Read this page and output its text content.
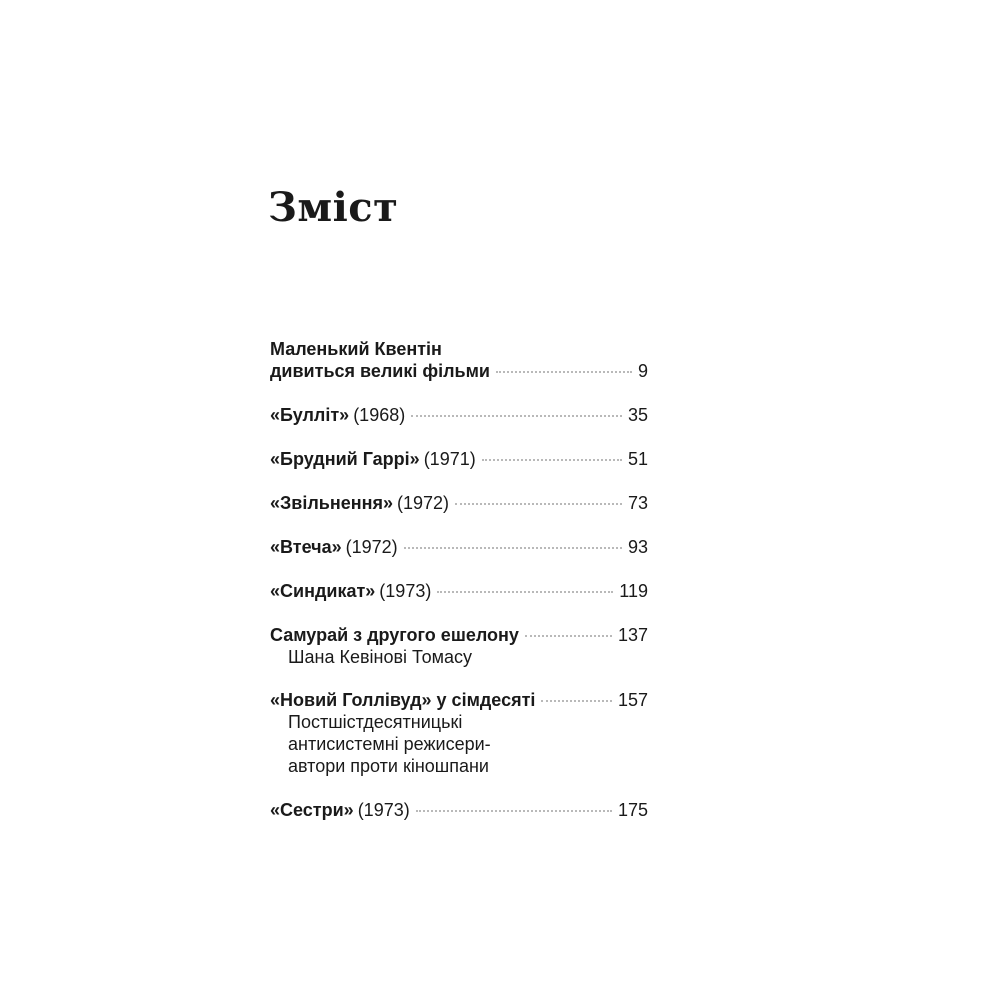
Зміст
Маленький Квентін
дивиться великі фільми	9
«Булліт» (1968)	35
«Брудний Гаррі» (1971)	51
«Звільнення» (1972)	73
«Втеча» (1972)	93
«Синдикат» (1973)	119
Самурай з другого ешелону	137
Шана Кевінові Томасу
«Новий Голлівуд» у сімдесяті	157
Постшістдесятницькі
антисистемні режисери-
автори проти кіношпани
«Сестри» (1973)	175
